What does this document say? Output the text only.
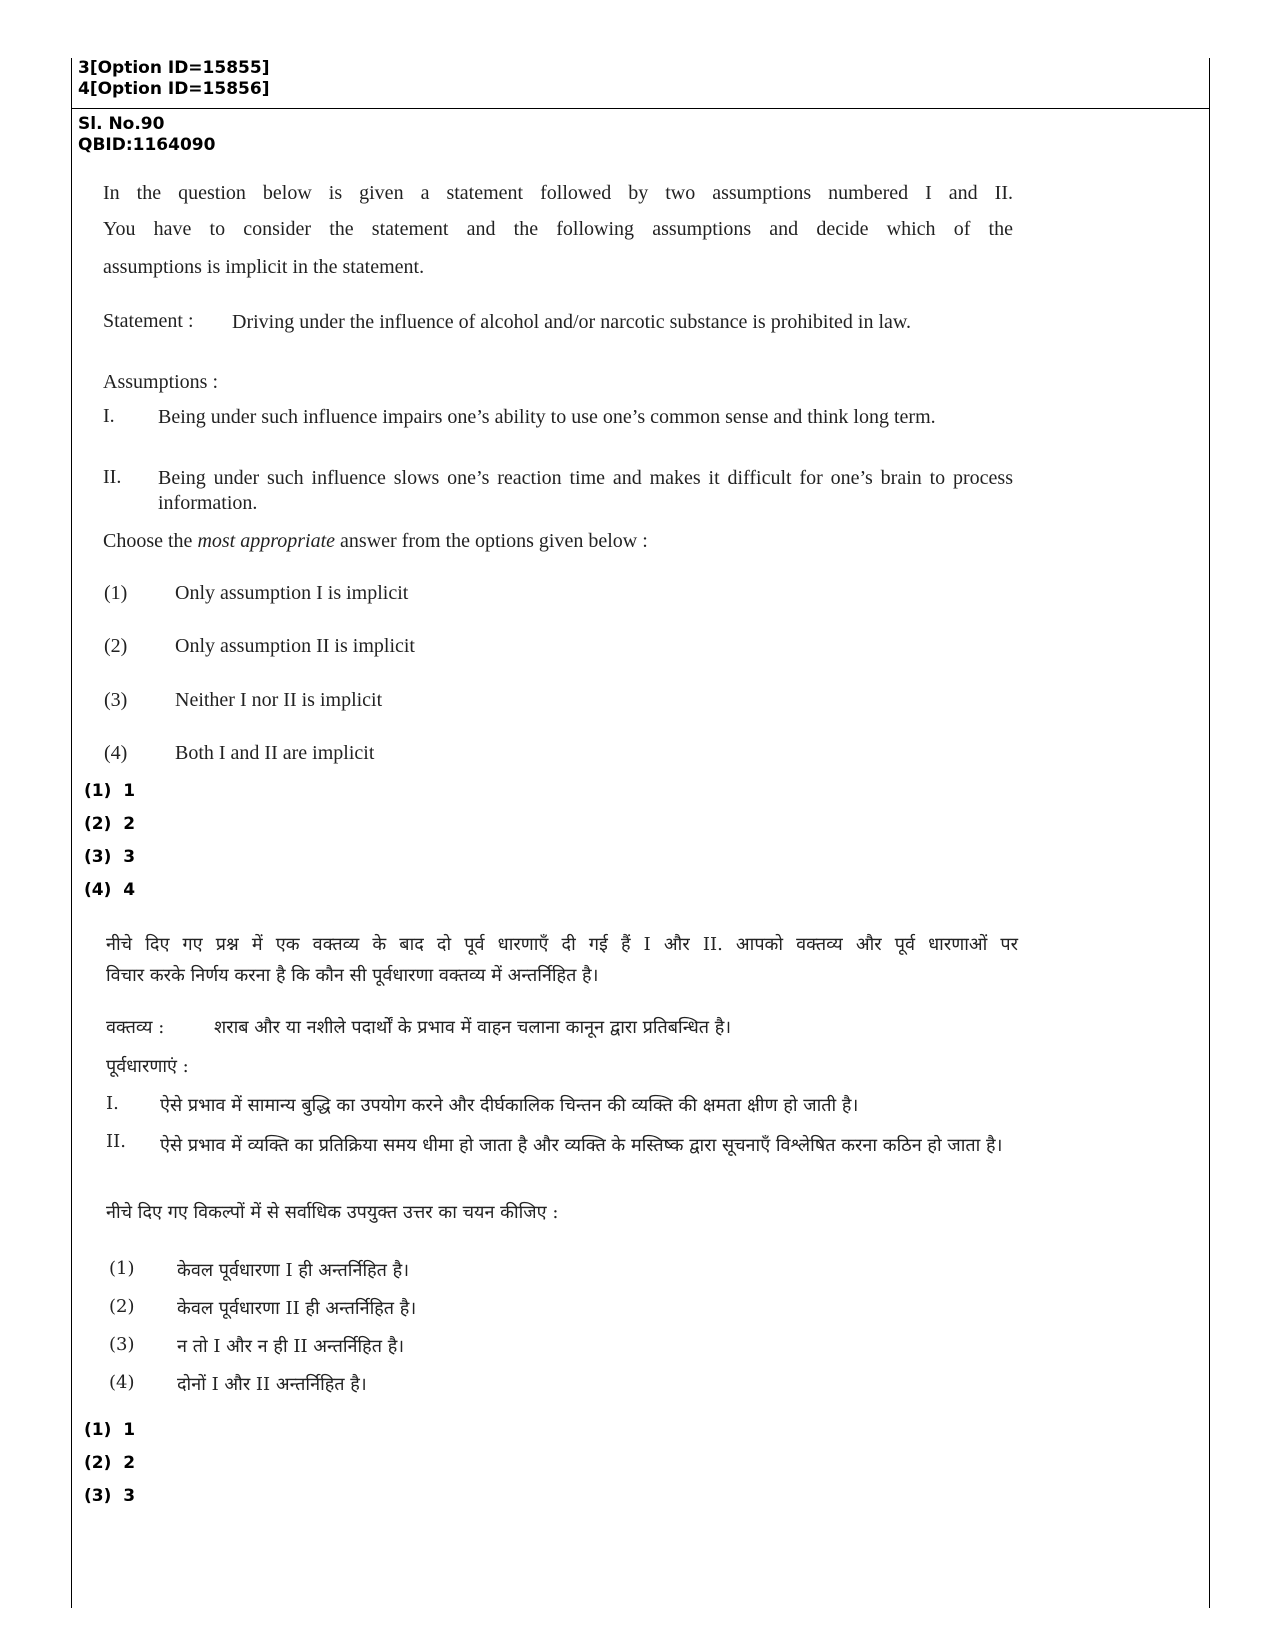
3[Option ID=15855]
4[Option ID=15856]
Sl. No.90
QBID:1164090
In the question below is given a statement followed by two assumptions numbered I and II.
You have to consider the statement and the following assumptions and decide which of the
assumptions is implicit in the statement.
Statement : Driving under the influence of alcohol and/or narcotic substance is prohibited in law.
Assumptions :
I. Being under such influence impairs one’s ability to use one’s common sense and think long term.
II. Being under such influence slows one’s reaction time and makes it difficult for one’s brain to process information.
Choose the most appropriate answer from the options given below :
(1) Only assumption I is implicit
(2) Only assumption II is implicit
(3) Neither I nor II is implicit
(4) Both I and II are implicit
(1) 1
(2) 2
(3) 3
(4) 4
नीचे दिए गए प्रश्न में एक वक्तव्य के बाद दो पूर्व धारणाएँ दी गई हैं I और II. आपको वक्तव्य और पूर्व धारणाओं पर
विचार करके निर्णय करना है कि कौन सी पूर्वधारणा वक्तव्य में अन्तर्निहित है।
वक्तव्य :	शराब और या नशीले पदार्थों के प्रभाव में वाहन चलाना कानून द्वारा प्रतिबन्धित है।
पूर्वधारणाएं :
I. ऐसे प्रभाव में सामान्य बुद्धि का उपयोग करने और दीर्घकालिक चिन्तन की व्यक्ति की क्षमता क्षीण हो जाती है।
II. ऐसे प्रभाव में व्यक्ति का प्रतिक्रिया समय धीमा हो जाता है और व्यक्ति के मस्तिष्क द्वारा सूचनाएँ विश्लेषित करना कठिन हो जाता है।
नीचे दिए गए विकल्पों में से सर्वाधिक उपयुक्त उत्तर का चयन कीजिए :
(1) केवल पूर्वधारणा I ही अन्तर्निहित है।
(2) केवल पूर्वधारणा II ही अन्तर्निहित है।
(3) न तो I और न ही II अन्तर्निहित है।
(4) दोनों I और II अन्तर्निहित है।
(1) 1
(2) 2
(3) 3
